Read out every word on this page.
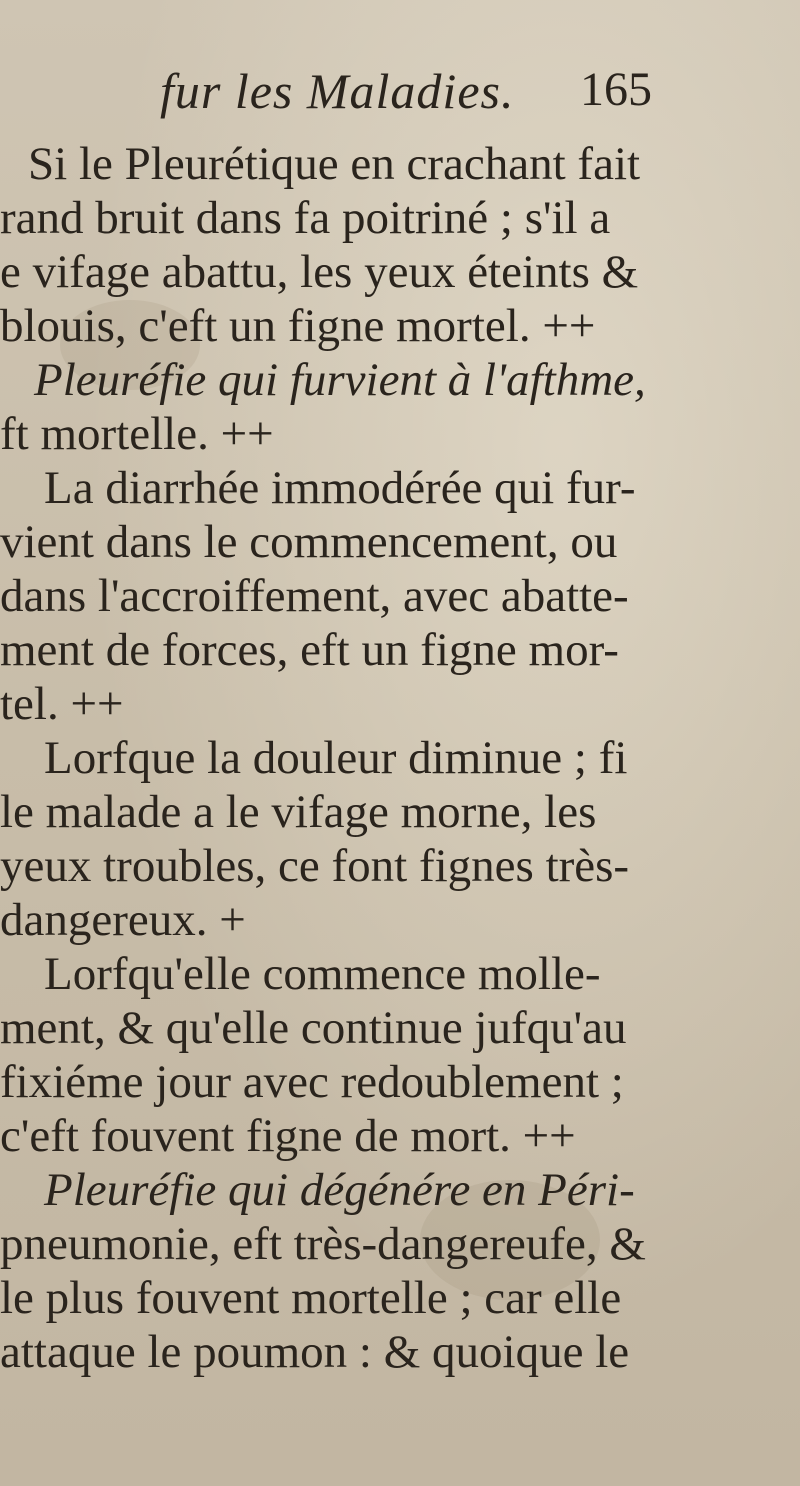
fur les Maladies. 165
Si le Pleurétique en crachant fait
rand bruit dans fa poitriné ; s'il a
e vifage abattu, les yeux éteints &
blouis, c'eft un figne mortel. ++
Pleuréfie qui furvient à l'afthme,
ft mortelle. ++
La diarrhée immodérée qui fur-
vient dans le commencement, ou
dans l'accroiffement, avec abatte-
ment de forces, eft un figne mor-
tel. ++
Lorfque la douleur diminue ; fi
le malade a le vifage morne, les
yeux troubles, ce font fignes très-
dangereux. +
Lorfqu'elle commence molle-
ment, & qu'elle continue jufqu'au
fixiéme jour avec redoublement ;
c'eft fouvent figne de mort. ++
Pleuréfie qui dégénére en Péri-
pneumonie, eft très-dangereufe, &
le plus fouvent mortelle ; car elle
attaque le poumon : & quoique le
